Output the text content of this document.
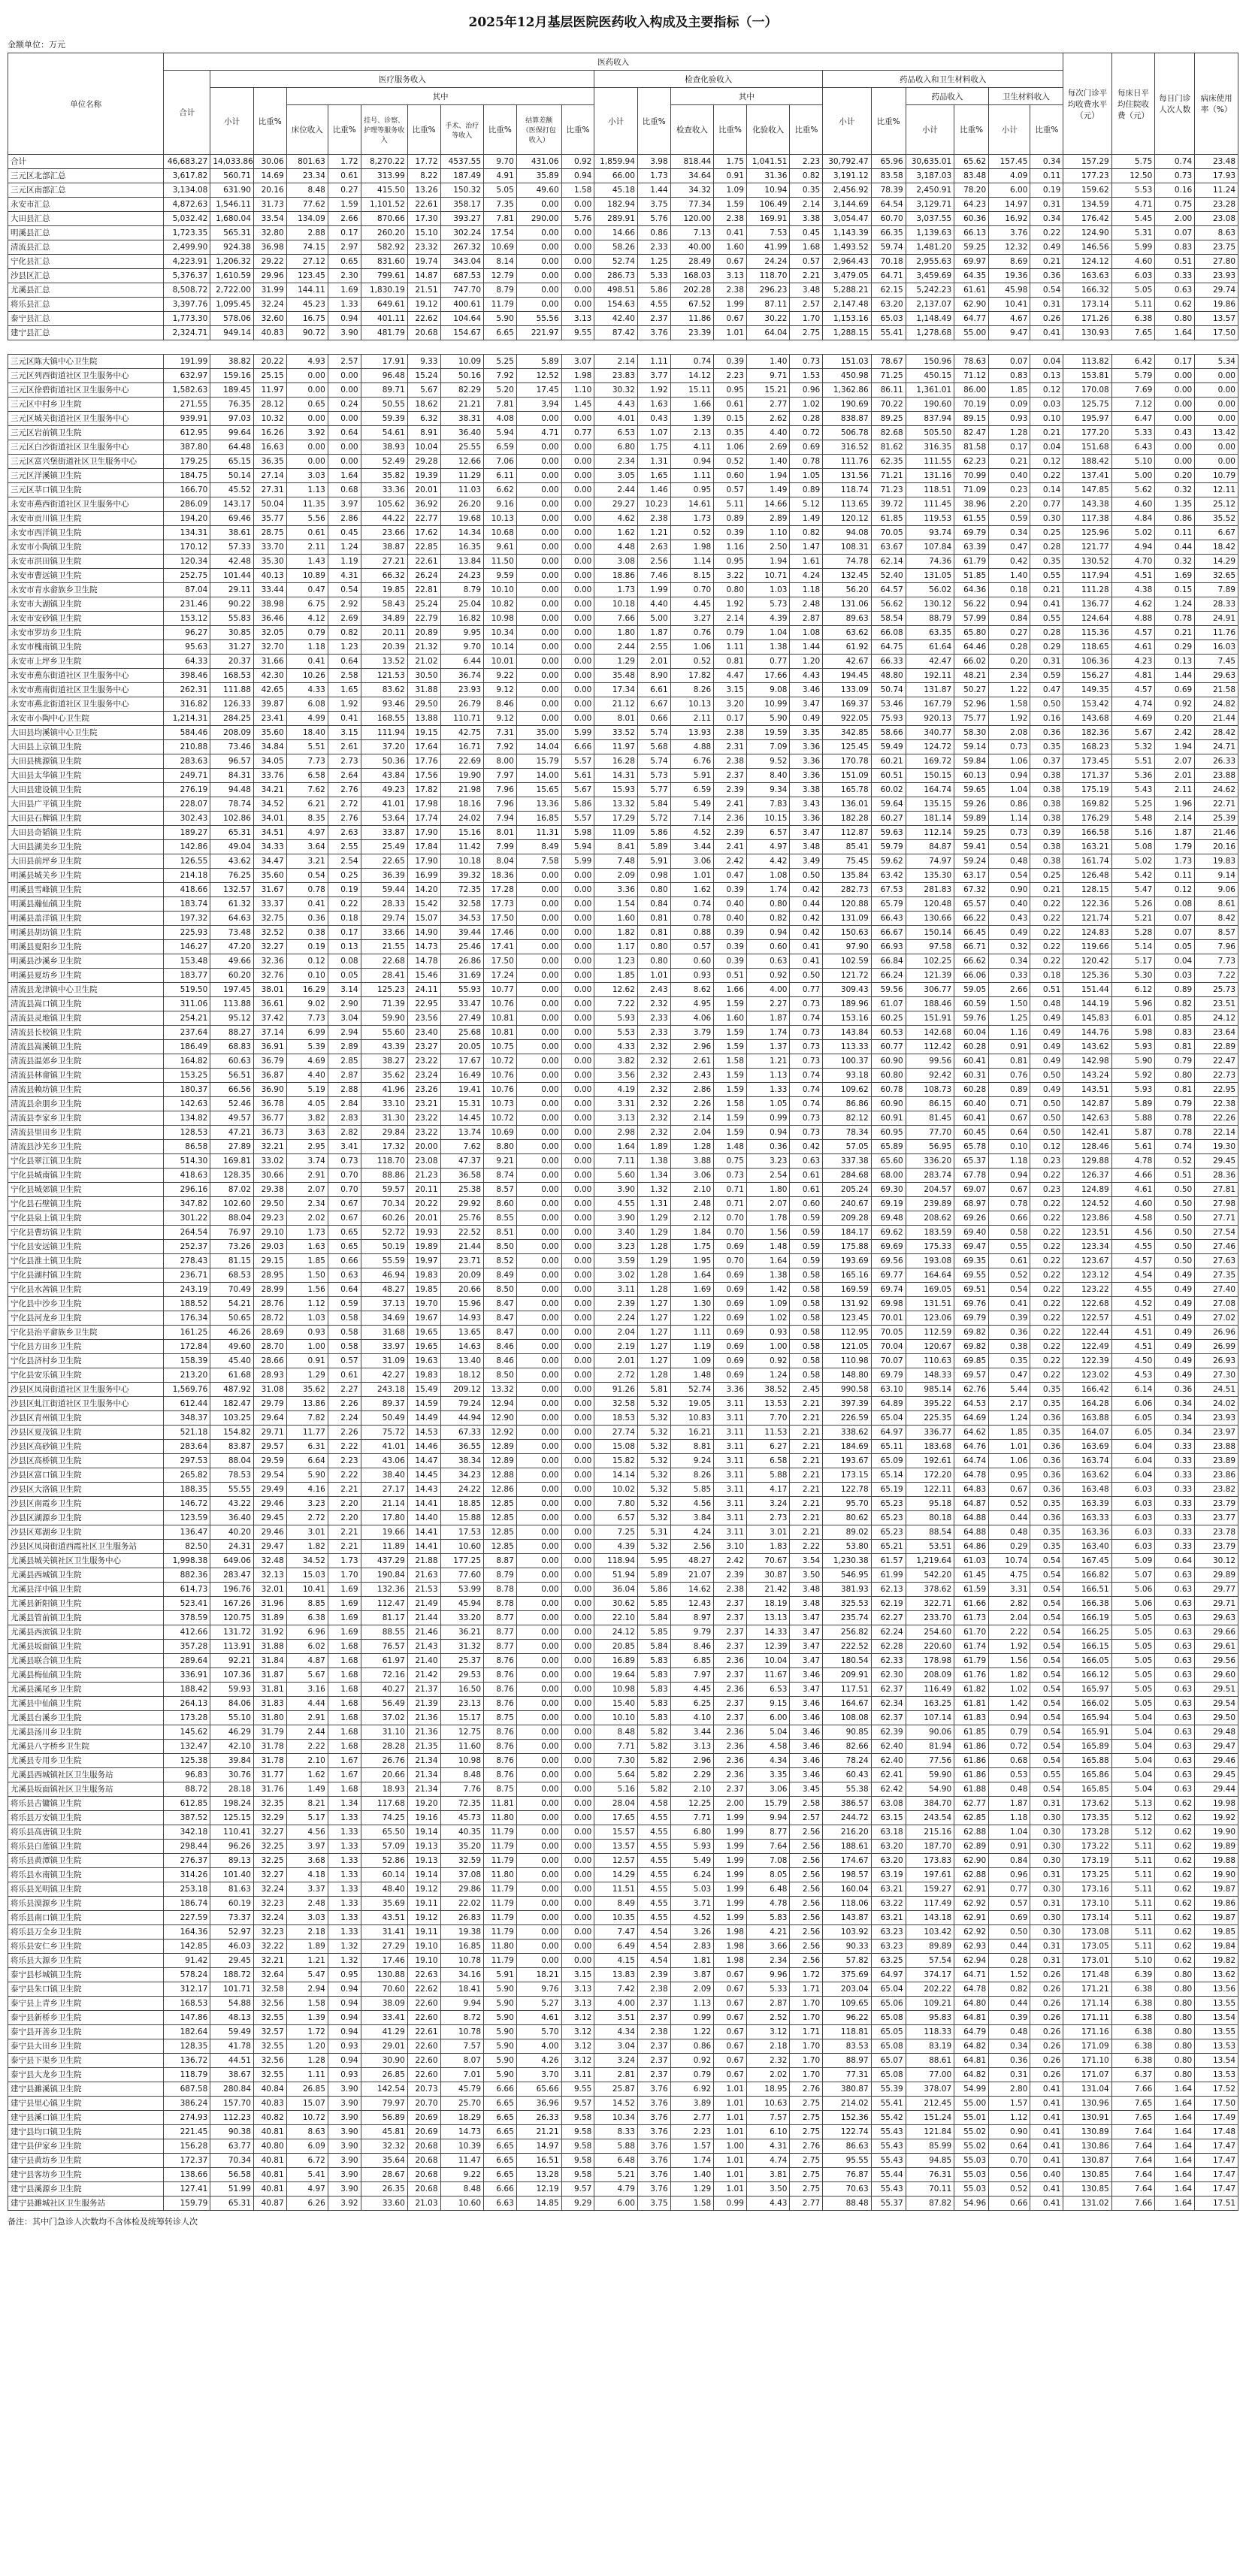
2025年12月基层医院医药收入构成及主要指标（一）
金额单位：万元
单位名称	医药收入																							每次门诊平均收费水平（元）	每床日平均住院收费（元）	每日门诊人次人数	病床使用率（%）
	合计	医疗服务收入										检查化验收入						药品收入和卫生材料收入									
		小计	比重%	其中								小计	比重%	其中				小计	比重%	药品收入		卫生材料收入					
				床位收入	比重%	挂号、诊察、护理等服务收入	比重%	手术、治疗等收入	比重%	结算差额（医保打包收入）	比重%			检查收入	比重%	化验收入	比重%			小计	比重%	小计	比重%				
合计	46,683.27	14,033.86	30.06	801.63	1.72	8,270.22	17.72	4537.55	9.70	431.06	0.92	1,859.94	3.98	818.44	1.75	1,041.51	2.23	30,792.47	65.96	30,635.01	65.62	157.45	0.34	157.29	5.75	0.74	23.48
三元区北部汇总	3,617.82	560.71	14.69	23.34	0.61	313.99	8.22	187.49	4.91	35.89	0.94	66.00	1.73	34.64	0.91	31.36	0.82	3,191.12	83.58	3,187.03	83.48	4.09	0.11	177.23	12.50	0.73	17.93
三元区南部汇总	3,134.08	631.90	20.16	8.48	0.27	415.50	13.26	150.32	5.05	49.60	1.58	45.18	1.44	34.32	1.09	10.94	0.35	2,456.92	78.39	2,450.91	78.20	6.00	0.19	159.62	5.53	0.16	11.24
永安市汇总	4,872.63	1,546.11	31.73	77.62	1.59	1,101.52	22.61	358.17	7.35	0.00	0.00	182.94	3.75	77.34	1.59	106.49	2.14	3,144.69	64.54	3,129.71	64.23	14.97	0.31	134.59	4.71	0.75	23.28
大田县汇总	5,032.42	1,680.04	33.54	134.09	2.66	870.66	17.30	393.27	7.81	290.00	5.76	289.91	5.76	120.00	2.38	169.91	3.38	3,054.47	60.70	3,037.55	60.36	16.92	0.34	176.42	5.45	2.00	23.08
明溪县汇总	1,723.35	565.31	32.80	2.88	0.17	260.20	15.10	302.24	17.54	0.00	0.00	14.66	0.86	7.13	0.41	7.53	0.45	1,143.39	66.35	1,139.63	66.13	3.76	0.22	124.90	5.31	0.07	8.63
清流县汇总	2,499.90	924.38	36.98	74.15	2.97	582.92	23.32	267.32	10.69	0.00	0.00	58.26	2.33	40.00	1.60	41.99	1.68	1,493.52	59.74	1,481.20	59.25	12.32	0.49	146.56	5.99	0.83	23.75
宁化县汇总	4,223.91	1,206.32	29.22	27.12	0.65	831.60	19.74	343.04	8.14	0.00	0.00	52.74	1.25	28.49	0.67	24.24	0.57	2,964.43	70.18	2,955.63	69.97	8.69	0.21	124.12	4.60	0.51	27.80
沙县区汇总	5,376.37	1,610.59	29.96	123.45	2.30	799.61	14.87	687.53	12.79	0.00	0.00	286.73	5.33	168.03	3.13	118.70	2.21	3,479.05	64.71	3,459.69	64.35	19.36	0.36	163.63	6.03	0.33	23.93
尤溪县汇总	8,508.72	2,722.00	31.99	144.11	1.69	1,830.19	21.51	747.70	8.79	0.00	0.00	498.51	5.86	202.28	2.38	296.23	3.48	5,288.21	62.15	5,242.23	61.61	45.98	0.54	166.32	5.05	0.63	29.74
将乐县汇总	3,397.76	1,095.45	32.24	45.23	1.33	649.61	19.12	400.61	11.79	0.00	0.00	154.63	4.55	67.52	1.99	87.11	2.57	2,147.48	63.20	2,137.07	62.90	10.41	0.31	173.14	5.11	0.62	19.86
泰宁县汇总	1,773.30	578.06	32.60	16.75	0.94	401.11	22.62	104.64	5.90	55.56	3.13	42.40	2.37	11.86	0.67	30.22	1.70	1,153.16	65.03	1,148.49	64.77	4.67	0.26	171.26	6.38	0.80	13.57
建宁县汇总	2,324.71	949.14	40.83	90.72	3.90	481.79	20.68	154.67	6.65	221.97	9.55	87.42	3.76	23.39	1.01	64.04	2.75	1,288.15	55.41	1,278.68	55.00	9.47	0.41	130.93	7.65	1.64	17.50

三元区陈大镇中心卫生院	191.99	38.82	20.22	4.93	2.57	17.91	9.33	10.09	5.25	5.89	3.07	2.14	1.11	0.74	0.39	1.40	0.73	151.03	78.67	150.96	78.63	0.07	0.04	113.82	6.42	0.17	5.34
三元区列西街道社区卫生服务中心	632.97	159.16	25.15	0.00	0.00	96.48	15.24	50.16	7.92	12.52	1.98	23.83	3.77	14.12	2.23	9.71	1.53	450.98	71.25	450.15	71.12	0.83	0.13	153.81	5.79	0.00	0.00
三元区徐碧街道社区卫生服务中心	1,582.63	189.45	11.97	0.00	0.00	89.71	5.67	82.29	5.20	17.45	1.10	30.32	1.92	15.11	0.95	15.21	0.96	1,362.86	86.11	1,361.01	86.00	1.85	0.12	170.08	7.69	0.00	0.00
三元区中村乡卫生院	271.55	76.35	28.12	0.65	0.24	50.55	18.62	21.21	7.81	3.94	1.45	4.43	1.63	1.66	0.61	2.77	1.02	190.69	70.22	190.60	70.19	0.09	0.03	125.75	7.12	0.00	0.00
三元区城关街道社区卫生服务中心	939.91	97.03	10.32	0.00	0.00	59.39	6.32	38.31	4.08	0.00	0.00	4.01	0.43	1.39	0.15	2.62	0.28	838.87	89.25	837.94	89.15	0.93	0.10	195.97	6.47	0.00	0.00
三元区岩前镇卫生院	612.95	99.64	16.26	3.92	0.64	54.61	8.91	36.40	5.94	4.71	0.77	6.53	1.07	2.13	0.35	4.40	0.72	506.78	82.68	505.50	82.47	1.28	0.21	177.20	5.33	0.43	13.42
三元区白沙街道社区卫生服务中心	387.80	64.48	16.63	0.00	0.00	38.93	10.04	25.55	6.59	0.00	0.00	6.80	1.75	4.11	1.06	2.69	0.69	316.52	81.62	316.35	81.58	0.17	0.04	151.68	6.43	0.00	0.00
三元区富兴堡街道社区卫生服务中心	179.25	65.15	36.35	0.00	0.00	52.49	29.28	12.66	7.06	0.00	0.00	2.34	1.31	0.94	0.52	1.40	0.78	111.76	62.35	111.55	62.23	0.21	0.12	188.42	5.10	0.00	0.00
三元区洋溪镇卫生院	184.75	50.14	27.14	3.03	1.64	35.82	19.39	11.29	6.11	0.00	0.00	3.05	1.65	1.11	0.60	1.94	1.05	131.56	71.21	131.16	70.99	0.40	0.22	137.41	5.00	0.20	10.79
三元区莘口镇卫生院	166.70	45.52	27.31	1.13	0.68	33.36	20.01	11.03	6.62	0.00	0.00	2.44	1.46	0.95	0.57	1.49	0.89	118.74	71.23	118.51	71.09	0.23	0.14	147.85	5.62	0.32	12.11
永安市燕西街道社区卫生服务中心	286.09	143.17	50.04	11.35	3.97	105.62	36.92	26.20	9.16	0.00	0.00	29.27	10.23	14.61	5.11	14.66	5.12	113.65	39.72	111.45	38.96	2.20	0.77	143.38	4.60	1.35	25.12
永安市贡川镇卫生院	194.20	69.46	35.77	5.56	2.86	44.22	22.77	19.68	10.13	0.00	0.00	4.62	2.38	1.73	0.89	2.89	1.49	120.12	61.85	119.53	61.55	0.59	0.30	117.38	4.84	0.86	35.52
永安市西洋镇卫生院	134.31	38.61	28.75	0.61	0.45	23.66	17.62	14.34	10.68	0.00	0.00	1.62	1.21	0.52	0.39	1.10	0.82	94.08	70.05	93.74	69.79	0.34	0.25	125.96	5.02	0.11	6.67
永安市小陶镇卫生院	170.12	57.33	33.70	2.11	1.24	38.87	22.85	16.35	9.61	0.00	0.00	4.48	2.63	1.98	1.16	2.50	1.47	108.31	63.67	107.84	63.39	0.47	0.28	121.77	4.94	0.44	18.42
永安市洪田镇卫生院	120.34	42.48	35.30	1.43	1.19	27.21	22.61	13.84	11.50	0.00	0.00	3.08	2.56	1.14	0.95	1.94	1.61	74.78	62.14	74.36	61.79	0.42	0.35	130.52	4.70	0.32	14.29
永安市曹远镇卫生院	252.75	101.44	40.13	10.89	4.31	66.32	26.24	24.23	9.59	0.00	0.00	18.86	7.46	8.15	3.22	10.71	4.24	132.45	52.40	131.05	51.85	1.40	0.55	117.94	4.51	1.69	32.65
永安市青水畲族乡卫生院	87.04	29.11	33.44	0.47	0.54	19.85	22.81	8.79	10.10	0.00	0.00	1.73	1.99	0.70	0.80	1.03	1.18	56.20	64.57	56.02	64.36	0.18	0.21	111.28	4.38	0.15	7.89
永安市大湖镇卫生院	231.46	90.22	38.98	6.75	2.92	58.43	25.24	25.04	10.82	0.00	0.00	10.18	4.40	4.45	1.92	5.73	2.48	131.06	56.62	130.12	56.22	0.94	0.41	136.77	4.62	1.24	28.33
永安市安砂镇卫生院	153.12	55.83	36.46	4.12	2.69	34.89	22.79	16.82	10.98	0.00	0.00	7.66	5.00	3.27	2.14	4.39	2.87	89.63	58.54	88.79	57.99	0.84	0.55	124.64	4.88	0.78	24.91
永安市罗坊乡卫生院	96.27	30.85	32.05	0.79	0.82	20.11	20.89	9.95	10.34	0.00	0.00	1.80	1.87	0.76	0.79	1.04	1.08	63.62	66.08	63.35	65.80	0.27	0.28	115.36	4.57	0.21	11.76
永安市槐南镇卫生院	95.63	31.27	32.70	1.18	1.23	20.39	21.32	9.70	10.14	0.00	0.00	2.44	2.55	1.06	1.11	1.38	1.44	61.92	64.75	61.64	64.46	0.28	0.29	118.65	4.61	0.29	16.03
永安市上坪乡卫生院	64.33	20.37	31.66	0.41	0.64	13.52	21.02	6.44	10.01	0.00	0.00	1.29	2.01	0.52	0.81	0.77	1.20	42.67	66.33	42.47	66.02	0.20	0.31	106.36	4.23	0.13	7.45
永安市燕东街道社区卫生服务中心	398.46	168.53	42.30	10.26	2.58	121.53	30.50	36.74	9.22	0.00	0.00	35.48	8.90	17.82	4.47	17.66	4.43	194.45	48.80	192.11	48.21	2.34	0.59	156.27	4.81	1.44	29.63
永安市燕南街道社区卫生服务中心	262.31	111.88	42.65	4.33	1.65	83.62	31.88	23.93	9.12	0.00	0.00	17.34	6.61	8.26	3.15	9.08	3.46	133.09	50.74	131.87	50.27	1.22	0.47	149.35	4.57	0.69	21.58
永安市燕北街道社区卫生服务中心	316.82	126.33	39.87	6.08	1.92	93.46	29.50	26.79	8.46	0.00	0.00	21.12	6.67	10.13	3.20	10.99	3.47	169.37	53.46	167.79	52.96	1.58	0.50	153.42	4.74	0.92	24.82
永安市小陶中心卫生院	1,214.31	284.25	23.41	4.99	0.41	168.55	13.88	110.71	9.12	0.00	0.00	8.01	0.66	2.11	0.17	5.90	0.49	922.05	75.93	920.13	75.77	1.92	0.16	143.68	4.69	0.20	21.44
大田县均溪镇中心卫生院	584.46	208.09	35.60	18.40	3.15	111.94	19.15	42.75	7.31	35.00	5.99	33.52	5.74	13.93	2.38	19.59	3.35	342.85	58.66	340.77	58.30	2.08	0.36	182.36	5.67	2.42	28.42
大田县上京镇卫生院	210.88	73.46	34.84	5.51	2.61	37.20	17.64	16.71	7.92	14.04	6.66	11.97	5.68	4.88	2.31	7.09	3.36	125.45	59.49	124.72	59.14	0.73	0.35	168.23	5.32	1.94	24.71
大田县桃源镇卫生院	283.63	96.57	34.05	7.73	2.73	50.36	17.76	22.69	8.00	15.79	5.57	16.28	5.74	6.76	2.38	9.52	3.36	170.78	60.21	169.72	59.84	1.06	0.37	173.45	5.51	2.07	26.33
大田县太华镇卫生院	249.71	84.31	33.76	6.58	2.64	43.84	17.56	19.90	7.97	14.00	5.61	14.31	5.73	5.91	2.37	8.40	3.36	151.09	60.51	150.15	60.13	0.94	0.38	171.37	5.36	2.01	23.88
大田县建设镇卫生院	276.19	94.48	34.21	7.62	2.76	49.23	17.82	21.98	7.96	15.65	5.67	15.93	5.77	6.59	2.39	9.34	3.38	165.78	60.02	164.74	59.65	1.04	0.38	175.19	5.43	2.11	24.62
大田县广平镇卫生院	228.07	78.74	34.52	6.21	2.72	41.01	17.98	18.16	7.96	13.36	5.86	13.32	5.84	5.49	2.41	7.83	3.43	136.01	59.64	135.15	59.26	0.86	0.38	169.82	5.25	1.96	22.71
大田县石牌镇卫生院	302.43	102.86	34.01	8.35	2.76	53.64	17.74	24.02	7.94	16.85	5.57	17.29	5.72	7.14	2.36	10.15	3.36	182.28	60.27	181.14	59.89	1.14	0.38	176.29	5.48	2.14	25.39
大田县奇韬镇卫生院	189.27	65.31	34.51	4.97	2.63	33.87	17.90	15.16	8.01	11.31	5.98	11.09	5.86	4.52	2.39	6.57	3.47	112.87	59.63	112.14	59.25	0.73	0.39	166.58	5.16	1.87	21.46
大田县湖美乡卫生院	142.86	49.04	34.33	3.64	2.55	25.49	17.84	11.42	7.99	8.49	5.94	8.41	5.89	3.44	2.41	4.97	3.48	85.41	59.79	84.87	59.41	0.54	0.38	163.21	5.08	1.79	20.16
大田县前坪乡卫生院	126.55	43.62	34.47	3.21	2.54	22.65	17.90	10.18	8.04	7.58	5.99	7.48	5.91	3.06	2.42	4.42	3.49	75.45	59.62	74.97	59.24	0.48	0.38	161.74	5.02	1.73	19.83
明溪县城关乡卫生院	214.18	76.25	35.60	0.54	0.25	36.39	16.99	39.32	18.36	0.00	0.00	2.09	0.98	1.01	0.47	1.08	0.50	135.84	63.42	135.30	63.17	0.54	0.25	126.48	5.42	0.11	9.14
明溪县雪峰镇卫生院	418.66	132.57	31.67	0.78	0.19	59.44	14.20	72.35	17.28	0.00	0.00	3.36	0.80	1.62	0.39	1.74	0.42	282.73	67.53	281.83	67.32	0.90	0.21	128.15	5.47	0.12	9.06
明溪县瀚仙镇卫生院	183.74	61.32	33.37	0.41	0.22	28.33	15.42	32.58	17.73	0.00	0.00	1.54	0.84	0.74	0.40	0.80	0.44	120.88	65.79	120.48	65.57	0.40	0.22	122.36	5.26	0.08	8.61
明溪县盖洋镇卫生院	197.32	64.63	32.75	0.36	0.18	29.74	15.07	34.53	17.50	0.00	0.00	1.60	0.81	0.78	0.40	0.82	0.42	131.09	66.43	130.66	66.22	0.43	0.22	121.74	5.21	0.07	8.42
明溪县胡坊镇卫生院	225.93	73.48	32.52	0.38	0.17	33.66	14.90	39.44	17.46	0.00	0.00	1.82	0.81	0.88	0.39	0.94	0.42	150.63	66.67	150.14	66.45	0.49	0.22	124.83	5.28	0.07	8.57
明溪县夏阳乡卫生院	146.27	47.20	32.27	0.19	0.13	21.55	14.73	25.46	17.41	0.00	0.00	1.17	0.80	0.57	0.39	0.60	0.41	97.90	66.93	97.58	66.71	0.32	0.22	119.66	5.14	0.05	7.96
明溪县沙溪乡卫生院	153.48	49.66	32.36	0.12	0.08	22.68	14.78	26.86	17.50	0.00	0.00	1.23	0.80	0.60	0.39	0.63	0.41	102.59	66.84	102.25	66.62	0.34	0.22	120.42	5.17	0.04	7.73
明溪县夏坊乡卫生院	183.77	60.20	32.76	0.10	0.05	28.41	15.46	31.69	17.24	0.00	0.00	1.85	1.01	0.93	0.51	0.92	0.50	121.72	66.24	121.39	66.06	0.33	0.18	125.36	5.30	0.03	7.22
清流县龙津镇中心卫生院	519.50	197.45	38.01	16.29	3.14	125.23	24.11	55.93	10.77	0.00	0.00	12.62	2.43	8.62	1.66	4.00	0.77	309.43	59.56	306.77	59.05	2.66	0.51	151.44	6.12	0.89	25.73
清流县嵩口镇卫生院	311.06	113.88	36.61	9.02	2.90	71.39	22.95	33.47	10.76	0.00	0.00	7.22	2.32	4.95	1.59	2.27	0.73	189.96	61.07	188.46	60.59	1.50	0.48	144.19	5.96	0.82	23.51
清流县灵地镇卫生院	254.21	95.12	37.42	7.73	3.04	59.90	23.56	27.49	10.81	0.00	0.00	5.93	2.33	4.06	1.60	1.87	0.74	153.16	60.25	151.91	59.76	1.25	0.49	145.83	6.01	0.85	24.12
清流县长校镇卫生院	237.64	88.27	37.14	6.99	2.94	55.60	23.40	25.68	10.81	0.00	0.00	5.53	2.33	3.79	1.59	1.74	0.73	143.84	60.53	142.68	60.04	1.16	0.49	144.76	5.98	0.83	23.64
清流县嵩溪镇卫生院	186.49	68.83	36.91	5.39	2.89	43.39	23.27	20.05	10.75	0.00	0.00	4.33	2.32	2.96	1.59	1.37	0.73	113.33	60.77	112.42	60.28	0.91	0.49	143.62	5.93	0.81	22.89
清流县温郊乡卫生院	164.82	60.63	36.79	4.69	2.85	38.27	23.22	17.67	10.72	0.00	0.00	3.82	2.32	2.61	1.58	1.21	0.73	100.37	60.90	99.56	60.41	0.81	0.49	142.98	5.90	0.79	22.47
清流县林畲镇卫生院	153.25	56.51	36.87	4.40	2.87	35.62	23.24	16.49	10.76	0.00	0.00	3.56	2.32	2.43	1.59	1.13	0.74	93.18	60.80	92.42	60.31	0.76	0.50	143.24	5.92	0.80	22.73
清流县赖坊镇卫生院	180.37	66.56	36.90	5.19	2.88	41.96	23.26	19.41	10.76	0.00	0.00	4.19	2.32	2.86	1.59	1.33	0.74	109.62	60.78	108.73	60.28	0.89	0.49	143.51	5.93	0.81	22.95
清流县余朋乡卫生院	142.63	52.46	36.78	4.05	2.84	33.10	23.21	15.31	10.73	0.00	0.00	3.31	2.32	2.26	1.58	1.05	0.74	86.86	60.90	86.15	60.40	0.71	0.50	142.87	5.89	0.79	22.38
清流县李家乡卫生院	134.82	49.57	36.77	3.82	2.83	31.30	23.22	14.45	10.72	0.00	0.00	3.13	2.32	2.14	1.59	0.99	0.73	82.12	60.91	81.45	60.41	0.67	0.50	142.63	5.88	0.78	22.26
清流县里田乡卫生院	128.53	47.21	36.73	3.63	2.82	29.84	23.22	13.74	10.69	0.00	0.00	2.98	2.32	2.04	1.59	0.94	0.73	78.34	60.95	77.70	60.45	0.64	0.50	142.41	5.87	0.78	22.14
清流县沙芜乡卫生院	86.58	27.89	32.21	2.95	3.41	17.32	20.00	7.62	8.80	0.00	0.00	1.64	1.89	1.28	1.48	0.36	0.42	57.05	65.89	56.95	65.78	0.10	0.12	128.46	5.61	0.74	19.30
宁化县翠江镇卫生院	514.30	169.81	33.02	3.74	0.73	118.70	23.08	47.37	9.21	0.00	0.00	7.11	1.38	3.88	0.75	3.23	0.63	337.38	65.60	336.20	65.37	1.18	0.23	129.88	4.78	0.52	29.45
宁化县城南镇卫生院	418.63	128.35	30.66	2.91	0.70	88.86	21.23	36.58	8.74	0.00	0.00	5.60	1.34	3.06	0.73	2.54	0.61	284.68	68.00	283.74	67.78	0.94	0.22	126.37	4.66	0.51	28.36
宁化县城郊镇卫生院	296.16	87.02	29.38	2.07	0.70	59.57	20.11	25.38	8.57	0.00	0.00	3.90	1.32	2.10	0.71	1.80	0.61	205.24	69.30	204.57	69.07	0.67	0.23	124.89	4.61	0.50	27.81
宁化县石壁镇卫生院	347.82	102.60	29.50	2.34	0.67	70.34	20.22	29.92	8.60	0.00	0.00	4.55	1.31	2.48	0.71	2.07	0.60	240.67	69.19	239.89	68.97	0.78	0.22	124.52	4.60	0.50	27.98
宁化县泉上镇卫生院	301.22	88.04	29.23	2.02	0.67	60.26	20.01	25.76	8.55	0.00	0.00	3.90	1.29	2.12	0.70	1.78	0.59	209.28	69.48	208.62	69.26	0.66	0.22	123.86	4.58	0.50	27.71
宁化县曹坊镇卫生院	264.54	76.97	29.10	1.73	0.65	52.72	19.93	22.52	8.51	0.00	0.00	3.40	1.29	1.84	0.70	1.56	0.59	184.17	69.62	183.59	69.40	0.58	0.22	123.51	4.56	0.50	27.54
宁化县安远镇卫生院	252.37	73.26	29.03	1.63	0.65	50.19	19.89	21.44	8.50	0.00	0.00	3.23	1.28	1.75	0.69	1.48	0.59	175.88	69.69	175.33	69.47	0.55	0.22	123.34	4.55	0.50	27.46
宁化县淮土镇卫生院	278.43	81.15	29.15	1.85	0.66	55.59	19.97	23.71	8.52	0.00	0.00	3.59	1.29	1.95	0.70	1.64	0.59	193.69	69.56	193.08	69.35	0.61	0.22	123.67	4.57	0.50	27.63
宁化县湖村镇卫生院	236.71	68.53	28.95	1.50	0.63	46.94	19.83	20.09	8.49	0.00	0.00	3.02	1.28	1.64	0.69	1.38	0.58	165.16	69.77	164.64	69.55	0.52	0.22	123.12	4.54	0.49	27.35
宁化县水茜镇卫生院	243.19	70.49	28.99	1.56	0.64	48.27	19.85	20.66	8.50	0.00	0.00	3.11	1.28	1.69	0.69	1.42	0.58	169.59	69.74	169.05	69.51	0.54	0.22	123.22	4.55	0.49	27.40
宁化县中沙乡卫生院	188.52	54.21	28.76	1.12	0.59	37.13	19.70	15.96	8.47	0.00	0.00	2.39	1.27	1.30	0.69	1.09	0.58	131.92	69.98	131.51	69.76	0.41	0.22	122.68	4.52	0.49	27.08
宁化县河龙乡卫生院	176.34	50.65	28.72	1.03	0.58	34.69	19.67	14.93	8.47	0.00	0.00	2.24	1.27	1.22	0.69	1.02	0.58	123.45	70.01	123.06	69.79	0.39	0.22	122.57	4.51	0.49	27.02
宁化县治平畲族乡卫生院	161.25	46.26	28.69	0.93	0.58	31.68	19.65	13.65	8.47	0.00	0.00	2.04	1.27	1.11	0.69	0.93	0.58	112.95	70.05	112.59	69.82	0.36	0.22	122.44	4.51	0.49	26.96
宁化县方田乡卫生院	172.84	49.60	28.70	1.00	0.58	33.97	19.65	14.63	8.46	0.00	0.00	2.19	1.27	1.19	0.69	1.00	0.58	121.05	70.04	120.67	69.82	0.38	0.22	122.49	4.51	0.49	26.99
宁化县济村乡卫生院	158.39	45.40	28.66	0.91	0.57	31.09	19.63	13.40	8.46	0.00	0.00	2.01	1.27	1.09	0.69	0.92	0.58	110.98	70.07	110.63	69.85	0.35	0.22	122.39	4.50	0.49	26.93
宁化县安乐镇卫生院	213.20	61.68	28.93	1.29	0.61	42.27	19.83	18.12	8.50	0.00	0.00	2.72	1.28	1.48	0.69	1.24	0.58	148.80	69.79	148.33	69.57	0.47	0.22	123.02	4.53	0.49	27.30
沙县区凤岗街道社区卫生服务中心	1,569.76	487.92	31.08	35.62	2.27	243.18	15.49	209.12	13.32	0.00	0.00	91.26	5.81	52.74	3.36	38.52	2.45	990.58	63.10	985.14	62.76	5.44	0.35	166.42	6.14	0.36	24.51
沙县区虬江街道社区卫生服务中心	612.44	182.47	29.79	13.86	2.26	89.37	14.59	79.24	12.94	0.00	0.00	32.58	5.32	19.05	3.11	13.53	2.21	397.39	64.89	395.22	64.53	2.17	0.35	164.28	6.06	0.34	24.02
沙县区青州镇卫生院	348.37	103.25	29.64	7.82	2.24	50.49	14.49	44.94	12.90	0.00	0.00	18.53	5.32	10.83	3.11	7.70	2.21	226.59	65.04	225.35	64.69	1.24	0.36	163.88	6.05	0.34	23.93
沙县区夏茂镇卫生院	521.18	154.82	29.71	11.77	2.26	75.72	14.53	67.33	12.92	0.00	0.00	27.74	5.32	16.21	3.11	11.53	2.21	338.62	64.97	336.77	64.62	1.85	0.35	164.07	6.05	0.34	23.97
沙县区高砂镇卫生院	283.64	83.87	29.57	6.31	2.22	41.01	14.46	36.55	12.89	0.00	0.00	15.08	5.32	8.81	3.11	6.27	2.21	184.69	65.11	183.68	64.76	1.01	0.36	163.69	6.04	0.33	23.88
沙县区高桥镇卫生院	297.53	88.04	29.59	6.64	2.23	43.06	14.47	38.34	12.89	0.00	0.00	15.82	5.32	9.24	3.11	6.58	2.21	193.67	65.09	192.61	64.74	1.06	0.36	163.74	6.04	0.33	23.89
沙县区富口镇卫生院	265.82	78.53	29.54	5.90	2.22	38.40	14.45	34.23	12.88	0.00	0.00	14.14	5.32	8.26	3.11	5.88	2.21	173.15	65.14	172.20	64.78	0.95	0.36	163.62	6.04	0.33	23.86
沙县区大洛镇卫生院	188.35	55.55	29.49	4.16	2.21	27.17	14.43	24.22	12.86	0.00	0.00	10.02	5.32	5.85	3.11	4.17	2.21	122.78	65.19	122.11	64.83	0.67	0.36	163.48	6.03	0.33	23.82
沙县区南霞乡卫生院	146.72	43.22	29.46	3.23	2.20	21.14	14.41	18.85	12.85	0.00	0.00	7.80	5.32	4.56	3.11	3.24	2.21	95.70	65.23	95.18	64.87	0.52	0.35	163.39	6.03	0.33	23.79
沙县区湖源乡卫生院	123.59	36.40	29.45	2.72	2.20	17.80	14.40	15.88	12.85	0.00	0.00	6.57	5.32	3.84	3.11	2.73	2.21	80.62	65.23	80.18	64.88	0.44	0.36	163.33	6.03	0.33	23.77
沙县区郑湖乡卫生院	136.47	40.20	29.46	3.01	2.21	19.66	14.41	17.53	12.85	0.00	0.00	7.25	5.31	4.24	3.11	3.01	2.21	89.02	65.23	88.54	64.88	0.48	0.35	163.36	6.03	0.33	23.78
沙县区凤岗街道西霞社区卫生服务站	82.50	24.31	29.47	1.82	2.21	11.89	14.41	10.60	12.85	0.00	0.00	4.39	5.32	2.56	3.10	1.83	2.22	53.80	65.21	53.51	64.86	0.29	0.35	163.40	6.03	0.33	23.79
尤溪县城关镇社区卫生服务中心	1,998.38	649.06	32.48	34.52	1.73	437.29	21.88	177.25	8.87	0.00	0.00	118.94	5.95	48.27	2.42	70.67	3.54	1,230.38	61.57	1,219.64	61.03	10.74	0.54	167.45	5.09	0.64	30.12
尤溪县西城镇卫生院	882.36	283.47	32.13	15.03	1.70	190.84	21.63	77.60	8.79	0.00	0.00	51.94	5.89	21.07	2.39	30.87	3.50	546.95	61.99	542.20	61.45	4.75	0.54	166.82	5.07	0.63	29.89
尤溪县洋中镇卫生院	614.73	196.76	32.01	10.41	1.69	132.36	21.53	53.99	8.78	0.00	0.00	36.04	5.86	14.62	2.38	21.42	3.48	381.93	62.13	378.62	61.59	3.31	0.54	166.51	5.06	0.63	29.77
尤溪县新阳镇卫生院	523.41	167.26	31.96	8.85	1.69	112.47	21.49	45.94	8.78	0.00	0.00	30.62	5.85	12.43	2.37	18.19	3.48	325.53	62.19	322.71	61.66	2.82	0.54	166.38	5.06	0.63	29.71
尤溪县管前镇卫生院	378.59	120.75	31.89	6.38	1.69	81.17	21.44	33.20	8.77	0.00	0.00	22.10	5.84	8.97	2.37	13.13	3.47	235.74	62.27	233.70	61.73	2.04	0.54	166.19	5.05	0.63	29.63
尤溪县西滨镇卫生院	412.66	131.72	31.92	6.96	1.69	88.55	21.46	36.21	8.77	0.00	0.00	24.12	5.85	9.79	2.37	14.33	3.47	256.82	62.24	254.60	61.70	2.22	0.54	166.25	5.05	0.63	29.66
尤溪县坂面镇卫生院	357.28	113.91	31.88	6.02	1.68	76.57	21.43	31.32	8.77	0.00	0.00	20.85	5.84	8.46	2.37	12.39	3.47	222.52	62.28	220.60	61.74	1.92	0.54	166.15	5.05	0.63	29.61
尤溪县联合镇卫生院	289.64	92.21	31.84	4.87	1.68	61.97	21.40	25.37	8.76	0.00	0.00	16.89	5.83	6.85	2.36	10.04	3.47	180.54	62.33	178.98	61.79	1.56	0.54	166.05	5.05	0.63	29.56
尤溪县梅仙镇卫生院	336.91	107.36	31.87	5.67	1.68	72.16	21.42	29.53	8.76	0.00	0.00	19.64	5.83	7.97	2.37	11.67	3.46	209.91	62.30	208.09	61.76	1.82	0.54	166.12	5.05	0.63	29.60
尤溪县溪尾乡卫生院	188.42	59.93	31.81	3.16	1.68	40.27	21.37	16.50	8.76	0.00	0.00	10.98	5.83	4.45	2.36	6.53	3.47	117.51	62.37	116.49	61.82	1.02	0.54	165.97	5.05	0.63	29.51
尤溪县中仙镇卫生院	264.13	84.06	31.83	4.44	1.68	56.49	21.39	23.13	8.76	0.00	0.00	15.40	5.83	6.25	2.37	9.15	3.46	164.67	62.34	163.25	61.81	1.42	0.54	166.02	5.05	0.63	29.54
尤溪县台溪乡卫生院	173.28	55.10	31.80	2.91	1.68	37.02	21.36	15.17	8.75	0.00	0.00	10.10	5.83	4.10	2.37	6.00	3.46	108.08	62.37	107.14	61.83	0.94	0.54	165.94	5.04	0.63	29.50
尤溪县汤川乡卫生院	145.62	46.29	31.79	2.44	1.68	31.10	21.36	12.75	8.76	0.00	0.00	8.48	5.82	3.44	2.36	5.04	3.46	90.85	62.39	90.06	61.85	0.79	0.54	165.91	5.04	0.63	29.48
尤溪县八字桥乡卫生院	132.47	42.10	31.78	2.22	1.68	28.28	21.35	11.60	8.76	0.00	0.00	7.71	5.82	3.13	2.36	4.58	3.46	82.66	62.40	81.94	61.86	0.72	0.54	165.89	5.04	0.63	29.47
尤溪县专用乡卫生院	125.38	39.84	31.78	2.10	1.67	26.76	21.34	10.98	8.76	0.00	0.00	7.30	5.82	2.96	2.36	4.34	3.46	78.24	62.40	77.56	61.86	0.68	0.54	165.88	5.04	0.63	29.46
尤溪县西城镇社区卫生服务站	96.83	30.76	31.77	1.62	1.67	20.66	21.34	8.48	8.76	0.00	0.00	5.64	5.82	2.29	2.36	3.35	3.46	60.43	62.41	59.90	61.86	0.53	0.55	165.86	5.04	0.63	29.45
尤溪县坂面镇社区卫生服务站	88.72	28.18	31.76	1.49	1.68	18.93	21.34	7.76	8.75	0.00	0.00	5.16	5.82	2.10	2.37	3.06	3.45	55.38	62.42	54.90	61.88	0.48	0.54	165.85	5.04	0.63	29.44
将乐县古镛镇卫生院	612.85	198.24	32.35	8.21	1.34	117.68	19.20	72.35	11.81	0.00	0.00	28.04	4.58	12.25	2.00	15.79	2.58	386.57	63.08	384.70	62.77	1.87	0.31	173.62	5.13	0.62	19.98
将乐县万安镇卫生院	387.52	125.15	32.29	5.17	1.33	74.25	19.16	45.73	11.80	0.00	0.00	17.65	4.55	7.71	1.99	9.94	2.57	244.72	63.15	243.54	62.85	1.18	0.30	173.35	5.12	0.62	19.92
将乐县高唐镇卫生院	342.18	110.41	32.27	4.56	1.33	65.50	19.14	40.35	11.79	0.00	0.00	15.57	4.55	6.80	1.99	8.77	2.56	216.20	63.18	215.16	62.88	1.04	0.30	173.28	5.12	0.62	19.90
将乐县白莲镇卫生院	298.44	96.26	32.25	3.97	1.33	57.09	19.13	35.20	11.79	0.00	0.00	13.57	4.55	5.93	1.99	7.64	2.56	188.61	63.20	187.70	62.89	0.91	0.30	173.22	5.11	0.62	19.89
将乐县黄潭镇卫生院	276.37	89.13	32.25	3.68	1.33	52.86	19.13	32.59	11.79	0.00	0.00	12.57	4.55	5.49	1.99	7.08	2.56	174.67	63.20	173.83	62.90	0.84	0.30	173.19	5.11	0.62	19.88
将乐县水南镇卫生院	314.26	101.40	32.27	4.18	1.33	60.14	19.14	37.08	11.80	0.00	0.00	14.29	4.55	6.24	1.99	8.05	2.56	198.57	63.19	197.61	62.88	0.96	0.31	173.25	5.11	0.62	19.90
将乐县光明镇卫生院	253.18	81.63	32.24	3.37	1.33	48.40	19.12	29.86	11.79	0.00	0.00	11.51	4.55	5.03	1.99	6.48	2.56	160.04	63.21	159.27	62.91	0.77	0.30	173.16	5.11	0.62	19.87
将乐县漠源乡卫生院	186.74	60.19	32.23	2.48	1.33	35.69	19.11	22.02	11.79	0.00	0.00	8.49	4.55	3.71	1.99	4.78	2.56	118.06	63.22	117.49	62.92	0.57	0.31	173.10	5.11	0.62	19.86
将乐县南口镇卫生院	227.59	73.37	32.24	3.03	1.33	43.51	19.12	26.83	11.79	0.00	0.00	10.35	4.55	4.52	1.99	5.83	2.56	143.87	63.21	143.18	62.91	0.69	0.30	173.14	5.11	0.62	19.87
将乐县万全乡卫生院	164.36	52.97	32.23	2.18	1.33	31.41	19.11	19.38	11.79	0.00	0.00	7.47	4.54	3.26	1.98	4.21	2.56	103.92	63.23	103.42	62.92	0.50	0.30	173.08	5.11	0.62	19.85
将乐县安仁乡卫生院	142.85	46.03	32.22	1.89	1.32	27.29	19.10	16.85	11.80	0.00	0.00	6.49	4.54	2.83	1.98	3.66	2.56	90.33	63.23	89.89	62.93	0.44	0.31	173.05	5.11	0.62	19.84
将乐县大源乡卫生院	91.42	29.45	32.21	1.21	1.32	17.46	19.10	10.78	11.79	0.00	0.00	4.15	4.54	1.81	1.98	2.34	2.56	57.82	63.25	57.54	62.94	0.28	0.31	173.01	5.10	0.62	19.82
泰宁县杉城镇卫生院	578.24	188.72	32.64	5.47	0.95	130.88	22.63	34.16	5.91	18.21	3.15	13.83	2.39	3.87	0.67	9.96	1.72	375.69	64.97	374.17	64.71	1.52	0.26	171.48	6.39	0.80	13.62
泰宁县朱口镇卫生院	312.17	101.71	32.58	2.94	0.94	70.60	22.62	18.41	5.90	9.76	3.13	7.42	2.38	2.09	0.67	5.33	1.71	203.04	65.04	202.22	64.78	0.82	0.26	171.21	6.38	0.80	13.56
泰宁县上青乡卫生院	168.53	54.88	32.56	1.58	0.94	38.09	22.60	9.94	5.90	5.27	3.13	4.00	2.37	1.13	0.67	2.87	1.70	109.65	65.06	109.21	64.80	0.44	0.26	171.14	6.38	0.80	13.55
泰宁县新桥乡卫生院	147.86	48.13	32.55	1.39	0.94	33.41	22.60	8.72	5.90	4.61	3.12	3.51	2.37	0.99	0.67	2.52	1.70	96.22	65.08	95.83	64.81	0.39	0.26	171.11	6.38	0.80	13.54
泰宁县开善乡卫生院	182.64	59.49	32.57	1.72	0.94	41.29	22.61	10.78	5.90	5.70	3.12	4.34	2.38	1.22	0.67	3.12	1.71	118.81	65.05	118.33	64.79	0.48	0.26	171.16	6.38	0.80	13.55
泰宁县大田乡卫生院	128.35	41.78	32.55	1.20	0.93	29.01	22.60	7.57	5.90	4.00	3.12	3.04	2.37	0.86	0.67	2.18	1.70	83.53	65.08	83.19	64.82	0.34	0.26	171.09	6.38	0.80	13.53
泰宁县下渠乡卫生院	136.72	44.51	32.56	1.28	0.94	30.90	22.60	8.07	5.90	4.26	3.12	3.24	2.37	0.92	0.67	2.32	1.70	88.97	65.07	88.61	64.81	0.36	0.26	171.10	6.38	0.80	13.54
泰宁县大龙乡卫生院	118.79	38.67	32.55	1.11	0.93	26.85	22.60	7.01	5.90	3.70	3.11	2.81	2.37	0.79	0.67	2.02	1.70	77.31	65.08	77.00	64.82	0.31	0.26	171.07	6.37	0.80	13.53
建宁县濉溪镇卫生院	687.58	280.84	40.84	26.85	3.90	142.54	20.73	45.79	6.66	65.66	9.55	25.87	3.76	6.92	1.01	18.95	2.76	380.87	55.39	378.07	54.99	2.80	0.41	131.04	7.66	1.64	17.52
建宁县里心镇卫生院	386.24	157.70	40.83	15.07	3.90	79.97	20.70	25.70	6.65	36.96	9.57	14.52	3.76	3.89	1.01	10.63	2.75	214.02	55.41	212.45	55.00	1.57	0.41	130.96	7.65	1.64	17.50
建宁县溪口镇卫生院	274.93	112.23	40.82	10.72	3.90	56.89	20.69	18.29	6.65	26.33	9.58	10.34	3.76	2.77	1.01	7.57	2.75	152.36	55.42	151.24	55.01	1.12	0.41	130.91	7.65	1.64	17.49
建宁县均口镇卫生院	221.45	90.38	40.81	8.63	3.90	45.81	20.69	14.73	6.65	21.21	9.58	8.33	3.76	2.23	1.01	6.10	2.75	122.74	55.43	121.84	55.02	0.90	0.41	130.89	7.64	1.64	17.48
建宁县伊家乡卫生院	156.28	63.77	40.80	6.09	3.90	32.32	20.68	10.39	6.65	14.97	9.58	5.88	3.76	1.57	1.00	4.31	2.76	86.63	55.43	85.99	55.02	0.64	0.41	130.86	7.64	1.64	17.47
建宁县黄坊乡卫生院	172.37	70.34	40.81	6.72	3.90	35.64	20.68	11.47	6.65	16.51	9.58	6.48	3.76	1.74	1.01	4.74	2.75	95.55	55.43	94.85	55.03	0.70	0.41	130.87	7.64	1.64	17.47
建宁县客坊乡卫生院	138.66	56.58	40.81	5.41	3.90	28.67	20.68	9.22	6.65	13.28	9.58	5.21	3.76	1.40	1.01	3.81	2.75	76.87	55.44	76.31	55.03	0.56	0.40	130.85	7.64	1.64	17.47
建宁县溪源乡卫生院	127.41	51.99	40.81	4.97	3.90	26.35	20.68	8.48	6.66	12.19	9.57	4.79	3.76	1.29	1.01	3.50	2.75	70.63	55.43	70.11	55.03	0.52	0.41	130.85	7.64	1.64	17.47
建宁县濉城社区卫生服务站	159.79	65.31	40.87	6.26	3.92	33.60	21.03	10.60	6.63	14.85	9.29	6.00	3.75	1.58	0.99	4.43	2.77	88.48	55.37	87.82	54.96	0.66	0.41	131.02	7.66	1.64	17.51
备注：其中门急诊人次数均不含体检及统筹转诊人次
